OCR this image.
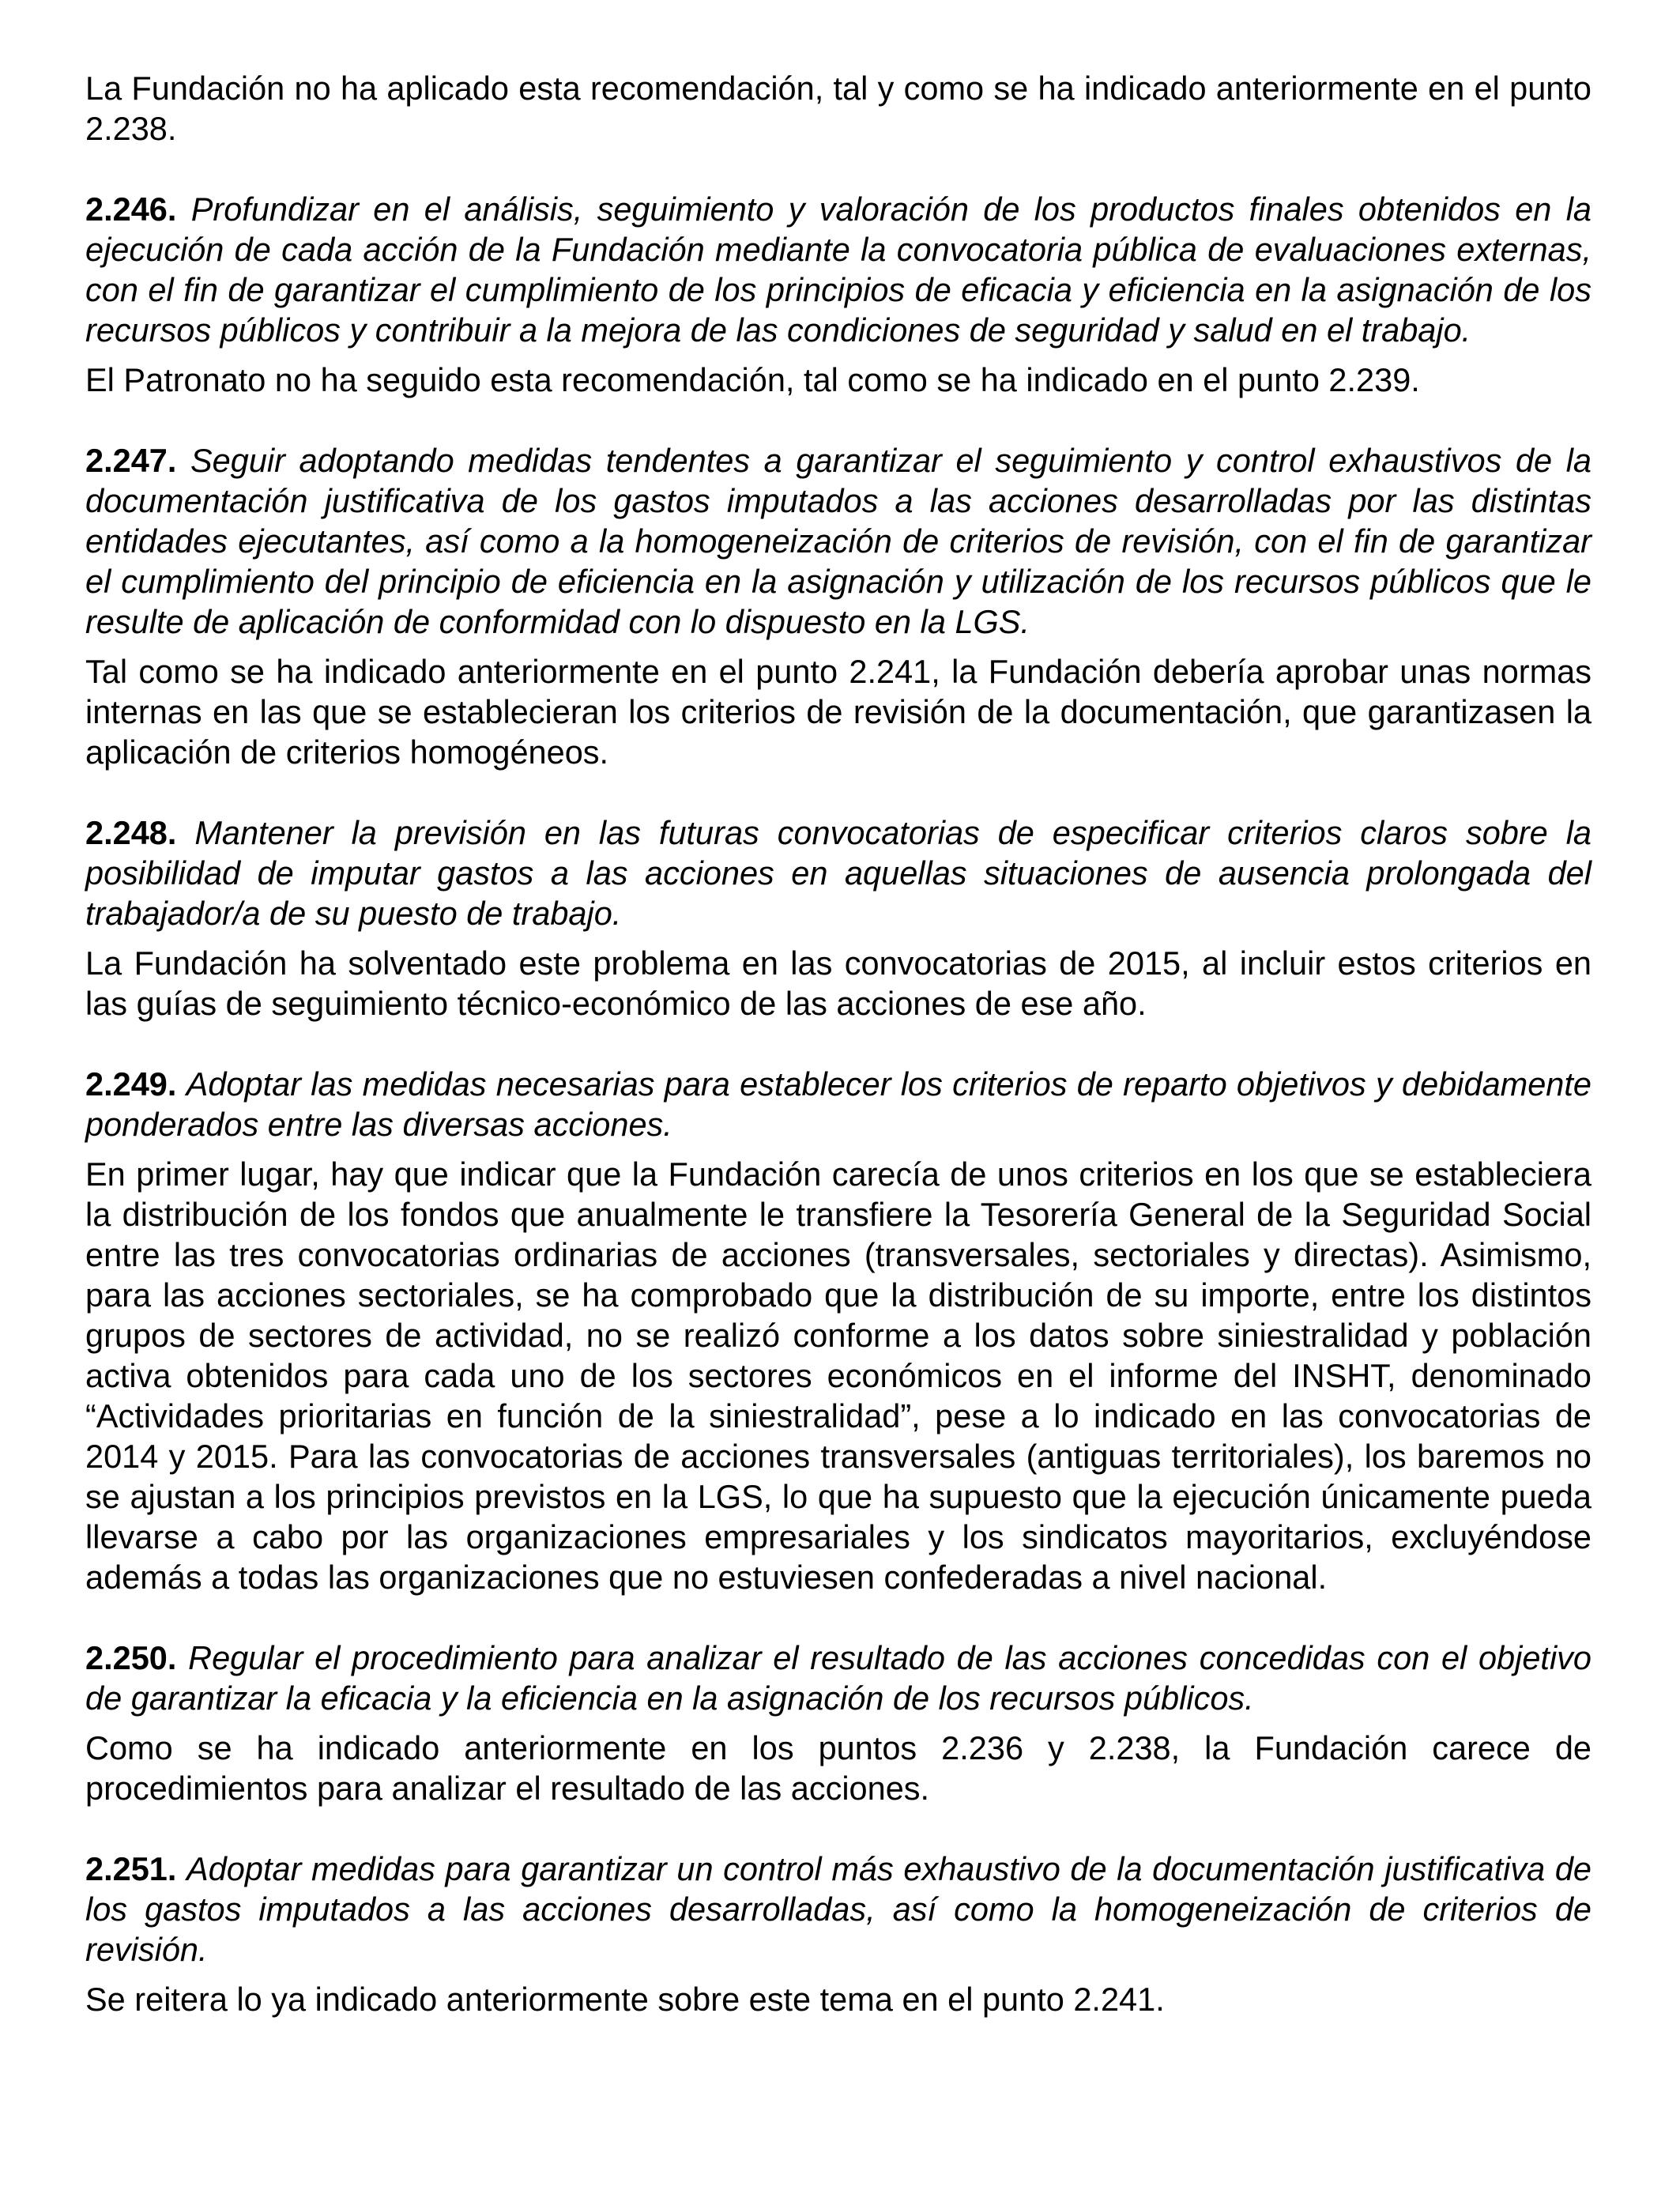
La Fundación no ha aplicado esta recomendación, tal y como se ha indicado anteriormente en el punto 2.238.

2.246. Profundizar en el análisis, seguimiento y valoración de los productos finales obtenidos en la ejecución de cada acción de la Fundación mediante la convocatoria pública de evaluaciones externas, con el fin de garantizar el cumplimiento de los principios de eficacia y eficiencia en la asignación de los recursos públicos y contribuir a la mejora de las condiciones de seguridad y salud en el trabajo.

El Patronato no ha seguido esta recomendación, tal como se ha indicado en el punto 2.239.

2.247. Seguir adoptando medidas tendentes a garantizar el seguimiento y control exhaustivos de la documentación justificativa de los gastos imputados a las acciones desarrolladas por las distintas entidades ejecutantes, así como a la homogeneización de criterios de revisión, con el fin de garantizar el cumplimiento del principio de eficiencia en la asignación y utilización de los recursos públicos que le resulte de aplicación de conformidad con lo dispuesto en la LGS.

Tal como se ha indicado anteriormente en el punto 2.241, la Fundación debería aprobar unas normas internas en las que se establecieran los criterios de revisión de la documentación, que garantizasen la aplicación de criterios homogéneos.

2.248. Mantener la previsión en las futuras convocatorias de especificar criterios claros sobre la posibilidad de imputar gastos a las acciones en aquellas situaciones de ausencia prolongada del trabajador/a de su puesto de trabajo.

La Fundación ha solventado este problema en las convocatorias de 2015, al incluir estos criterios en las guías de seguimiento técnico-económico de las acciones de ese año.

2.249. Adoptar las medidas necesarias para establecer los criterios de reparto objetivos y debidamente ponderados entre las diversas acciones.

En primer lugar, hay que indicar que la Fundación carecía de unos criterios en los que se estableciera la distribución de los fondos que anualmente le transfiere la Tesorería General de la Seguridad Social entre las tres convocatorias ordinarias de acciones (transversales, sectoriales y directas). Asimismo, para las acciones sectoriales, se ha comprobado que la distribución de su importe, entre los distintos grupos de sectores de actividad, no se realizó conforme a los datos sobre siniestralidad y población activa obtenidos para cada uno de los sectores económicos en el informe del INSHT, denominado “Actividades prioritarias en función de la siniestralidad”, pese a lo indicado en las convocatorias de 2014 y 2015. Para las convocatorias de acciones transversales (antiguas territoriales), los baremos no se ajustan a los principios previstos en la LGS, lo que ha supuesto que la ejecución únicamente pueda llevarse a cabo por las organizaciones empresariales y los sindicatos mayoritarios, excluyéndose además a todas las organizaciones que no estuviesen confederadas a nivel nacional.

2.250. Regular el procedimiento para analizar el resultado de las acciones concedidas con el objetivo de garantizar la eficacia y la eficiencia en la asignación de los recursos públicos.

Como se ha indicado anteriormente en los puntos 2.236 y 2.238, la Fundación carece de procedimientos para analizar el resultado de las acciones.

2.251. Adoptar medidas para garantizar un control más exhaustivo de la documentación justificativa de los gastos imputados a las acciones desarrolladas, así como la homogeneización de criterios de revisión.

Se reitera lo ya indicado anteriormente sobre este tema en el punto 2.241.
